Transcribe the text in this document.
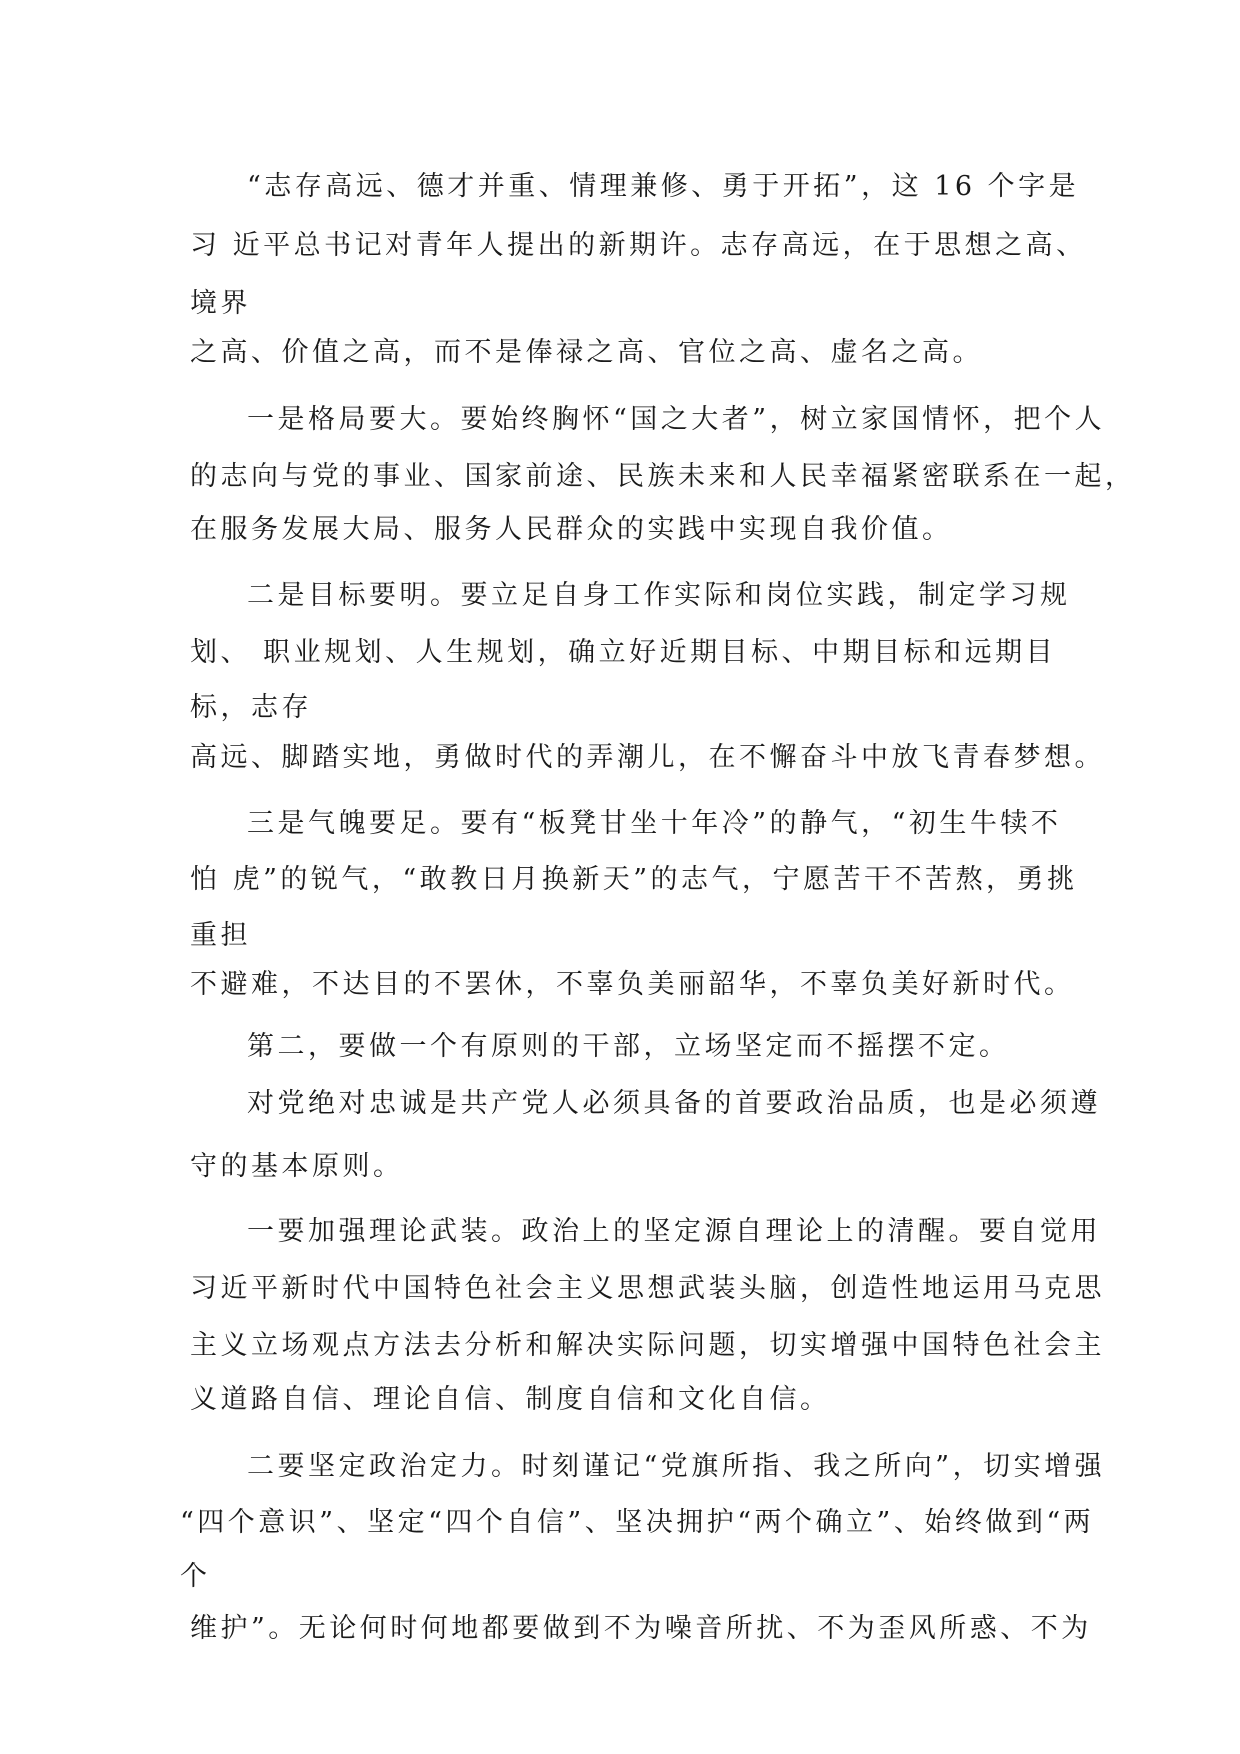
“志存高远、德才并重、情理兼修、勇于开拓”，这 16 个字是
习 近平总书记对青年人提出的新期许。志存高远，在于思想之高、
境界
之高、价值之高，而不是俸禄之高、官位之高、虚名之高。
一是格局要大。要始终胸怀“国之大者”，树立家国情怀，把个人
的志向与党的事业、国家前途、民族未来和人民幸福紧密联系在一起，
在服务发展大局、服务人民群众的实践中实现自我价值。
二是目标要明。要立足自身工作实际和岗位实践，制定学习规
划、 职业规划、人生规划，确立好近期目标、中期目标和远期目
标，志存
高远、脚踏实地，勇做时代的弄潮儿，在不懈奋斗中放飞青春梦想。
三是气魄要足。要有“板凳甘坐十年冷”的静气，“初生牛犊不
怕 虎”的锐气，“敢教日月换新天”的志气，宁愿苦干不苦熬，勇挑
重担
不避难，不达目的不罢休，不辜负美丽韶华，不辜负美好新时代。
第二，要做一个有原则的干部，立场坚定而不摇摆不定。
对党绝对忠诚是共产党人必须具备的首要政治品质，也是必须遵
守的基本原则。
一要加强理论武装。政治上的坚定源自理论上的清醒。要自觉用
习近平新时代中国特色社会主义思想武装头脑，创造性地运用马克思
主义立场观点方法去分析和解决实际问题，切实增强中国特色社会主
义道路自信、理论自信、制度自信和文化自信。
二要坚定政治定力。时刻谨记“党旗所指、我之所向”，切实增强
“四个意识”、坚定“四个自信”、坚决拥护“两个确立”、始终做到“两
个
维护”。无论何时何地都要做到不为噪音所扰、不为歪风所惑、不为
